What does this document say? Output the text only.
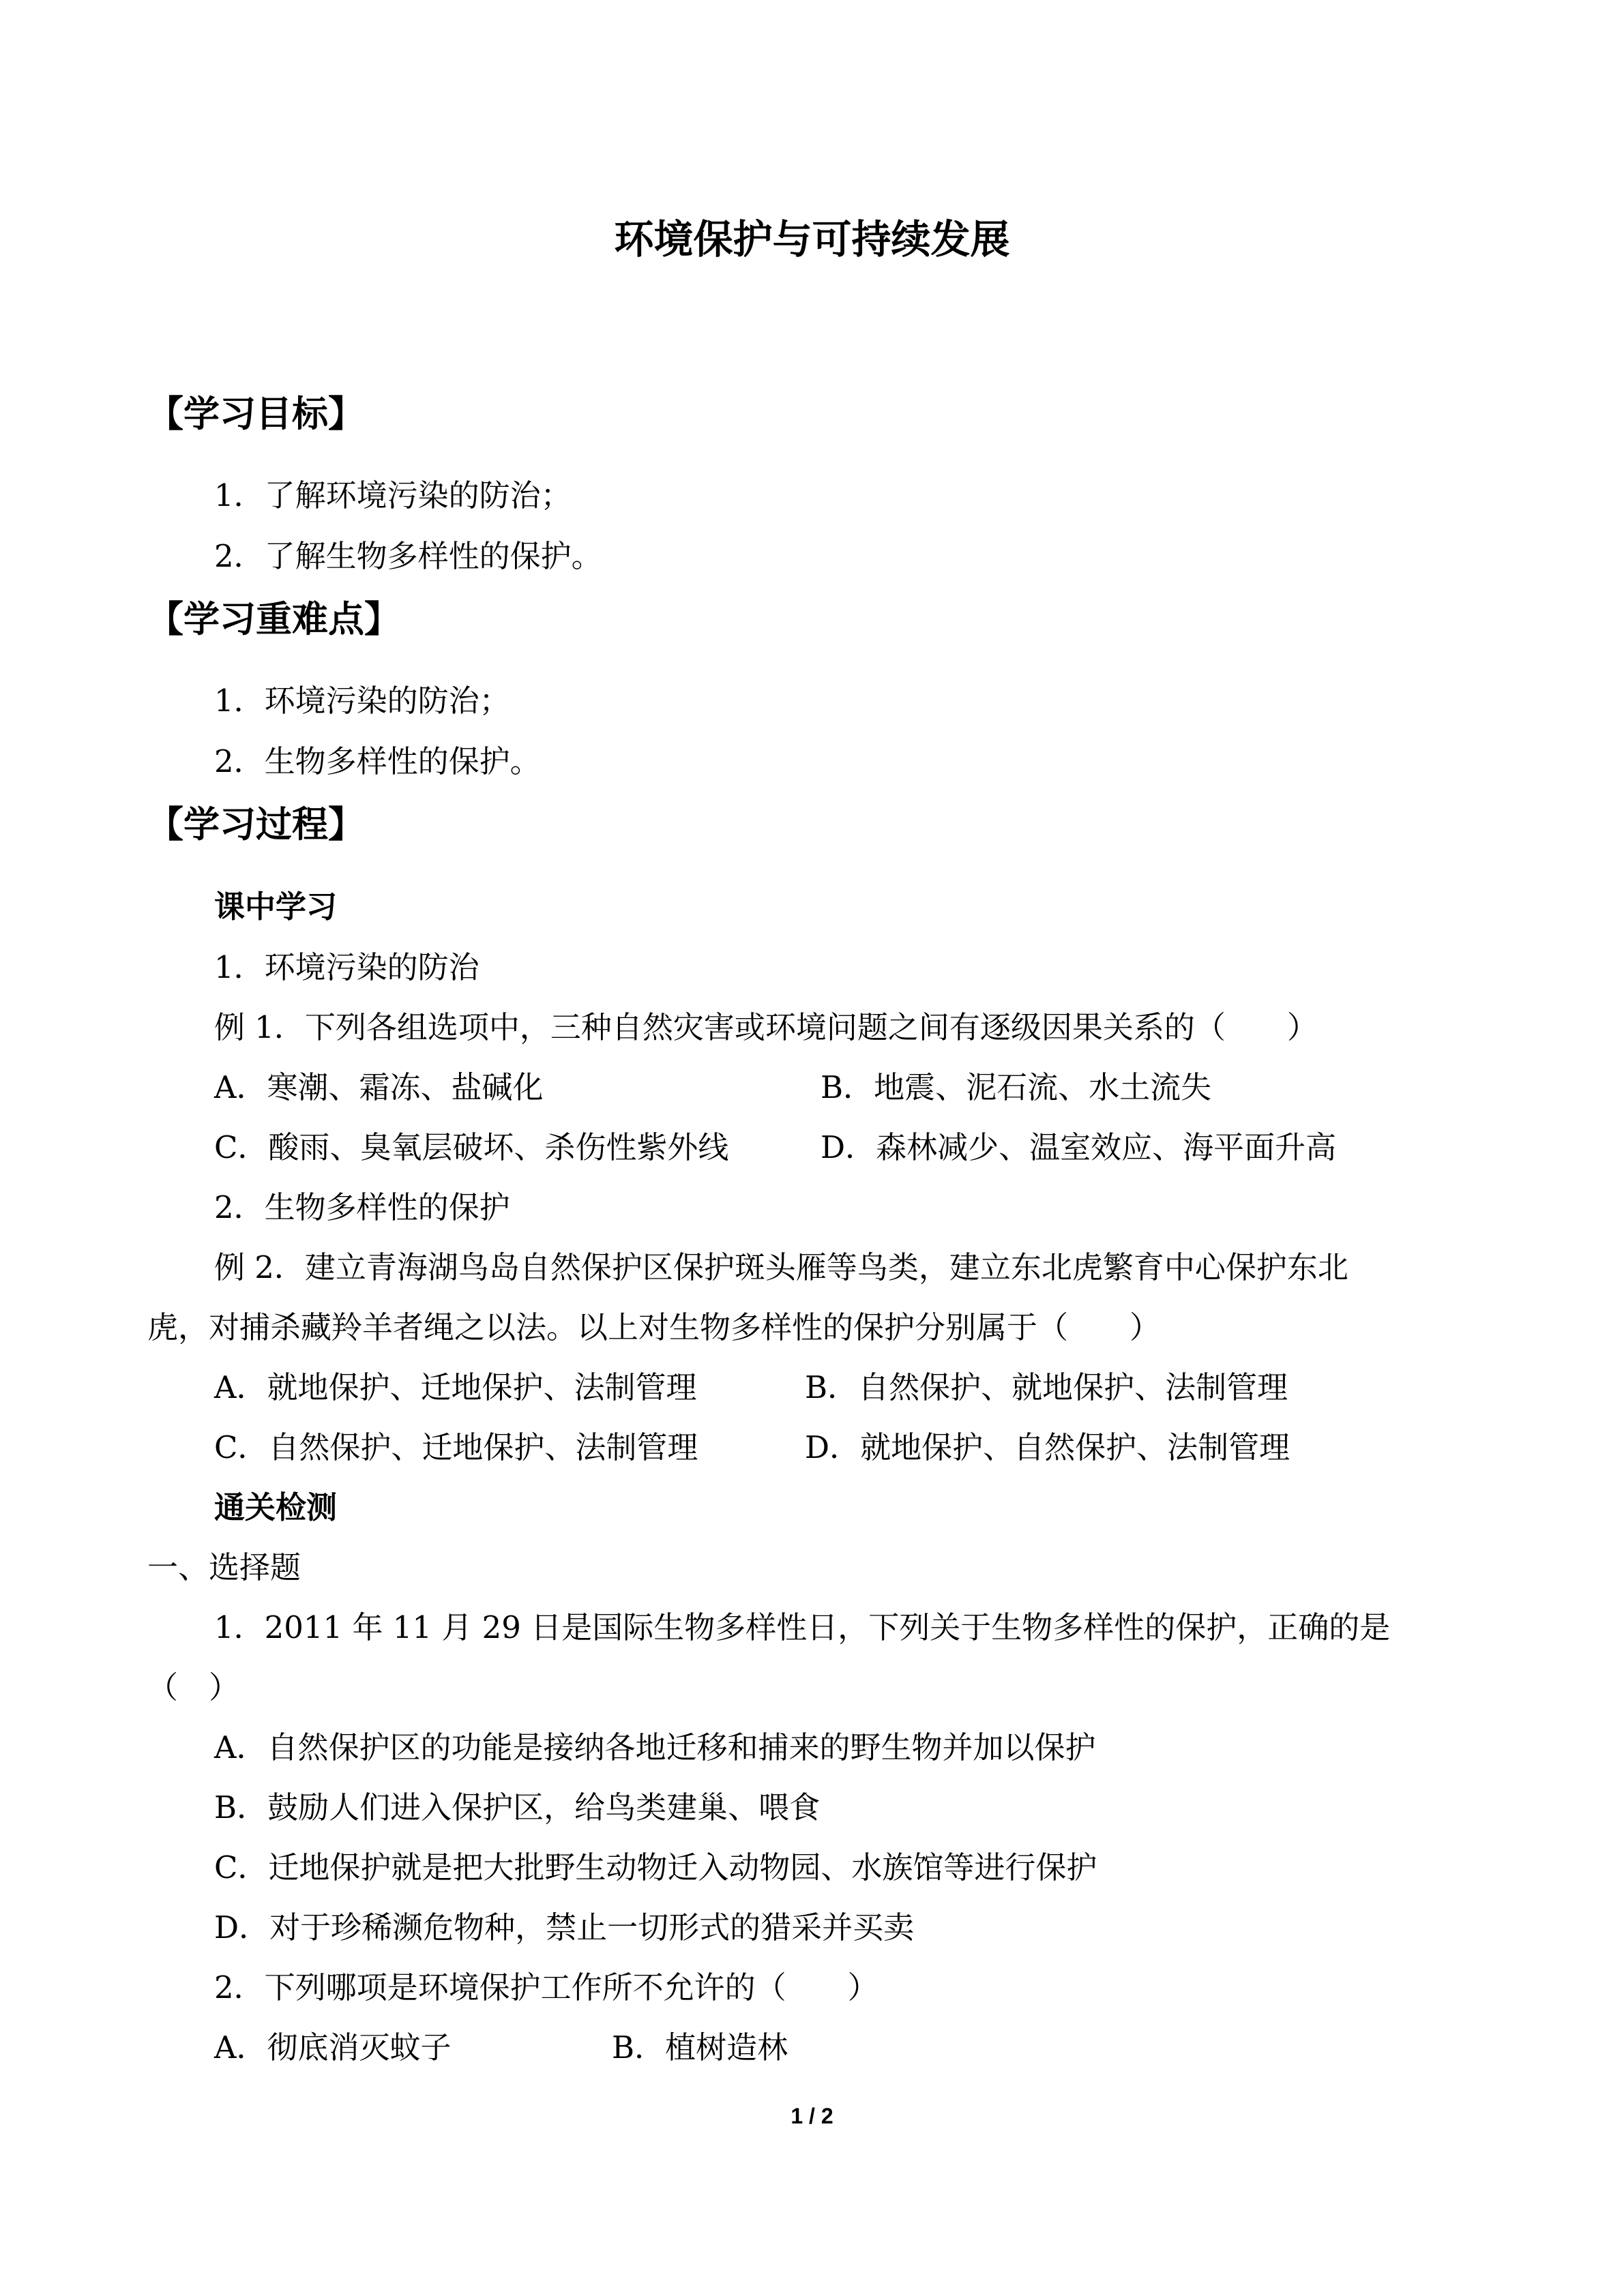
环境保护与可持续发展
【学习目标】
1．了解环境污染的防治；
2．了解生物多样性的保护。
【学习重难点】
1．环境污染的防治；
2．生物多样性的保护。
【学习过程】
课中学习
1．环境污染的防治
例 1．下列各组选项中，三种自然灾害或环境问题之间有逐级因果关系的（　　）
A．寒潮、霜冻、盐碱化	B．地震、泥石流、水土流失
C．酸雨、臭氧层破坏、杀伤性紫外线	D．森林减少、温室效应、海平面升高
2．生物多样性的保护
例 2．建立青海湖鸟岛自然保护区保护斑头雁等鸟类，建立东北虎繁育中心保护东北
虎，对捕杀藏羚羊者绳之以法。以上对生物多样性的保护分别属于（　　）
A．就地保护、迁地保护、法制管理	B．自然保护、就地保护、法制管理
C．自然保护、迁地保护、法制管理	D．就地保护、自然保护、法制管理
通关检测
一、选择题
1．2011 年 11 月 29 日是国际生物多样性日，下列关于生物多样性的保护，正确的是
（　）
A．自然保护区的功能是接纳各地迁移和捕来的野生物并加以保护
B．鼓励人们进入保护区，给鸟类建巢、喂食
C．迁地保护就是把大批野生动物迁入动物园、水族馆等进行保护
D．对于珍稀濒危物种，禁止一切形式的猎采并买卖
2．下列哪项是环境保护工作所不允许的（　　）
A．彻底消灭蚊子	B．植树造林
1 / 2
